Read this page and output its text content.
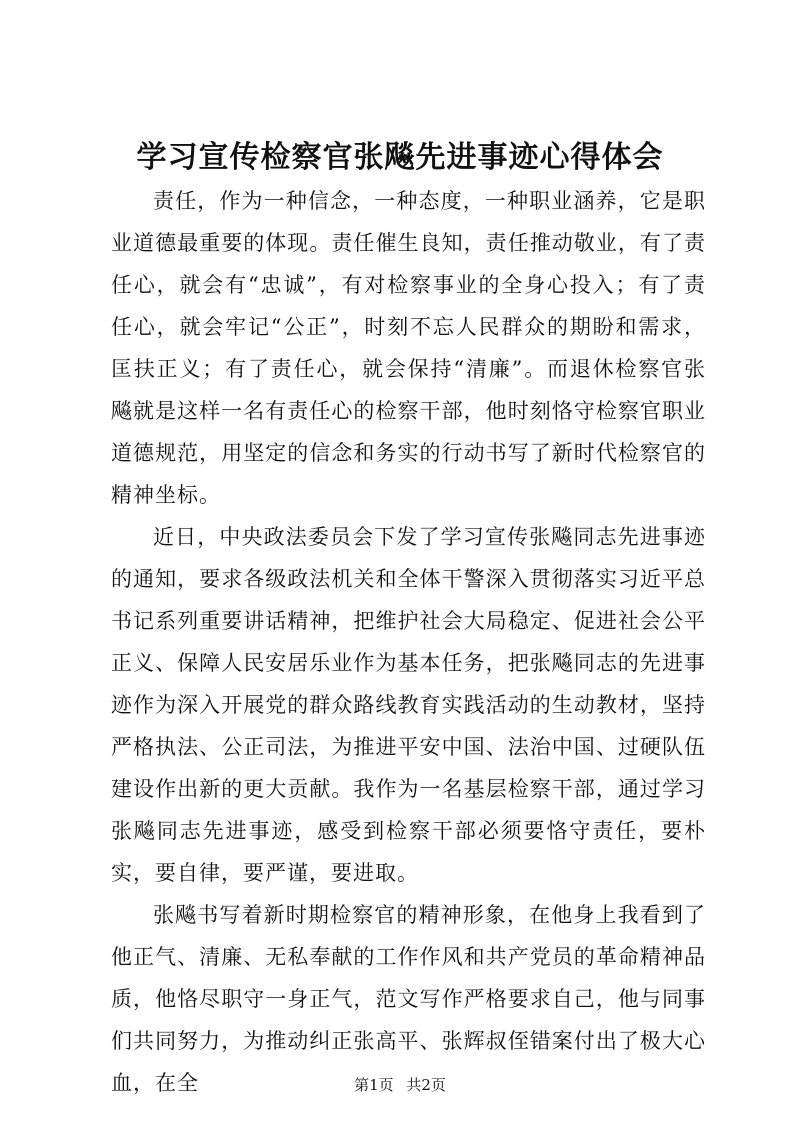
学习宣传检察官张飚先进事迹心得体会

责任，作为一种信念，一种态度，一种职业涵养，它是职业道德最重要的体现。责任催生良知，责任推动敬业，有了责任心，就会有“忠诚”，有对检察事业的全身心投入；有了责任心，就会牢记“公正”，时刻不忘人民群众的期盼和需求，匡扶正义；有了责任心，就会保持“清廉”。而退休检察官张飚就是这样一名有责任心的检察干部，他时刻恪守检察官职业道德规范，用坚定的信念和务实的行动书写了新时代检察官的精神坐标。

近日，中央政法委员会下发了学习宣传张飚同志先进事迹的通知，要求各级政法机关和全体干警深入贯彻落实习近平总书记系列重要讲话精神，把维护社会大局稳定、促进社会公平正义、保障人民安居乐业作为基本任务，把张飚同志的先进事迹作为深入开展党的群众路线教育实践活动的生动教材，坚持严格执法、公正司法，为推进平安中国、法治中国、过硬队伍建设作出新的更大贡献。我作为一名基层检察干部，通过学习张飚同志先进事迹，感受到检察干部必须要恪守责任，要朴实，要自律，要严谨，要进取。

张飚书写着新时期检察官的精神形象，在他身上我看到了他正气、清廉、无私奉献的工作作风和共产党员的革命精神品质，他恪尽职守一身正气，范文写作严格要求自己，他与同事们共同努力，为推动纠正张高平、张辉叔侄错案付出了极大心血，在全	第1页 共2页
